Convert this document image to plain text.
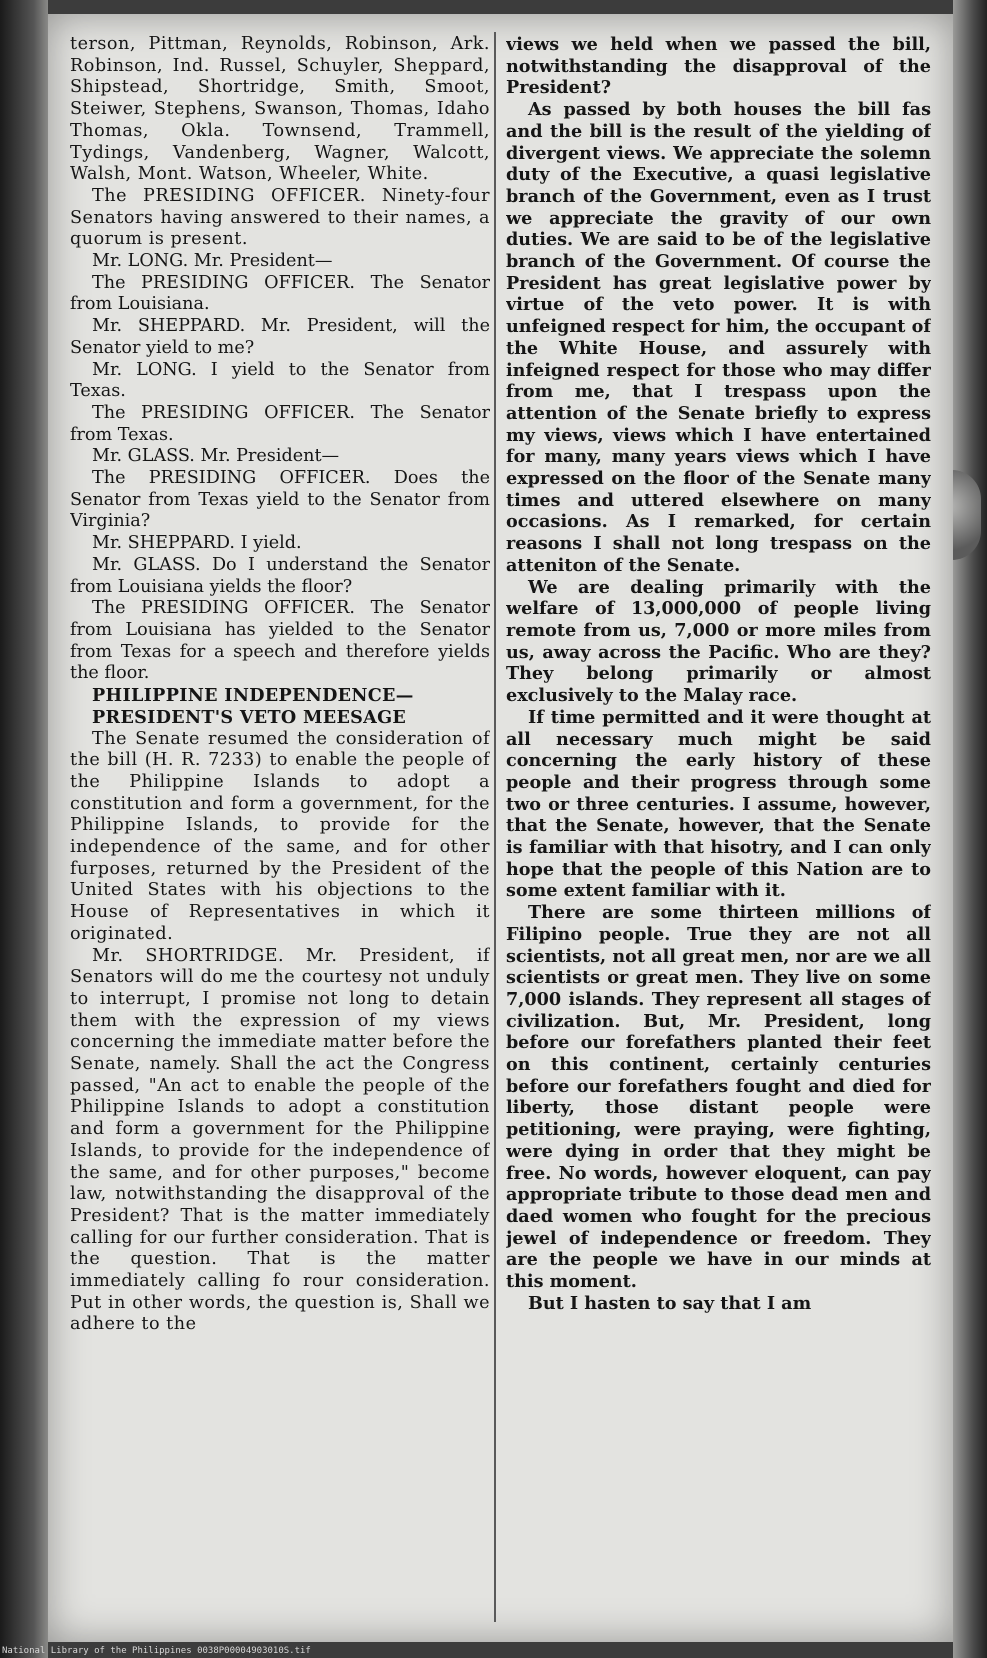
terson, Pittman, Reynolds, Robinson, Ark. Robinson, Ind. Russel, Schuyler, Sheppard, Shipstead, Shortridge, Smith, Smoot, Steiwer, Stephens, Swanson, Thomas, Idaho Thomas, Okla. Townsend, Trammell, Tydings, Vandenberg, Wagner, Walcott, Walsh, Mont. Watson, Wheeler, White.

The PRESIDING OFFICER. Ninety-four Senators having answered to their names, a quorum is present.

Mr. LONG. Mr. President—

The PRESIDING OFFICER. The Senator from Louisiana.

Mr. SHEPPARD. Mr. President, will the Senator yield to me?

Mr. LONG. I yield to the Senator from Texas.

The PRESIDING OFFICER. The Senator from Texas.

Mr. GLASS. Mr. President—

The PRESIDING OFFICER. Does the Senator from Texas yield to the Senator from Virginia?

Mr. SHEPPARD. I yield.

Mr. GLASS. Do I understand the Senator from Louisiana yields the floor?

The PRESIDING OFFICER. The Senator from Louisiana has yielded to the Senator from Texas for a speech and therefore yields the floor.

PHILIPPINE INDEPENDENCE—

PRESIDENT'S VETO MEESAGE

The Senate resumed the consideration of the bill (H. R. 7233) to enable the people of the Philippine Islands to adopt a constitution and form a government, for the Philippine Islands, to provide for the independence of the same, and for other furposes, returned by the President of the United States with his objections to the House of Representatives in which it originated.

Mr. SHORTRIDGE. Mr. President, if Senators will do me the courtesy not unduly to interrupt, I promise not long to detain them with the expression of my views concerning the immediate matter before the Senate, namely. Shall the act the Congress passed, "An act to enable the people of the Philippine Islands to adopt a constitution and form a government for the Philippine Islands, to provide for the independence of the same, and for other purposes," become law, notwithstanding the disapproval of the President? That is the matter immediately calling for our further consideration. That is the question. That is the matter immediately calling fo rour consideration. Put in other words, the question is, Shall we adhere to the

views we held when we passed the bill, notwithstanding the disapproval of the President?

As passed by both houses the bill fas and the bill is the result of the yielding of divergent views. We appreciate the solemn duty of the Executive, a quasi legislative branch of the Government, even as I trust we appreciate the gravity of our own duties. We are said to be of the legislative branch of the Government. Of course the President has great legislative power by virtue of the veto power. It is with unfeigned respect for him, the occupant of the White House, and assurely with infeigned respect for those who may differ from me, that I trespass upon the attention of the Senate briefly to express my views, views which I have entertained for many, many years views which I have expressed on the floor of the Senate many times and uttered elsewhere on many occasions. As I remarked, for certain reasons I shall not long trespass on the atteniton of the Senate.

We are dealing primarily with the welfare of 13,000,000 of people living remote from us, 7,000 or more miles from us, away across the Pacific. Who are they? They belong primarily or almost exclusively to the Malay race.

If time permitted and it were thought at all necessary much might be said concerning the early history of these people and their progress through some two or three centuries. I assume, however, that the Senate, however, that the Senate is familiar with that hisotry, and I can only hope that the people of this Nation are to some extent familiar with it.

There are some thirteen millions of Filipino people. True they are not all scientists, not all great men, nor are we all scientists or great men. They live on some 7,000 islands. They represent all stages of civilization. But, Mr. President, long before our forefathers planted their feet on this continent, certainly centuries before our forefathers fought and died for liberty, those distant people were petitioning, were praying, were fighting, were dying in order that they might be free. No words, however eloquent, can pay appropriate tribute to those dead men and daed women who fought for the precious jewel of independence or freedom. They are the people we have in our minds at this moment.

But I hasten to say that I am

National Library of the Philippines 0038P00004903010S.tif
